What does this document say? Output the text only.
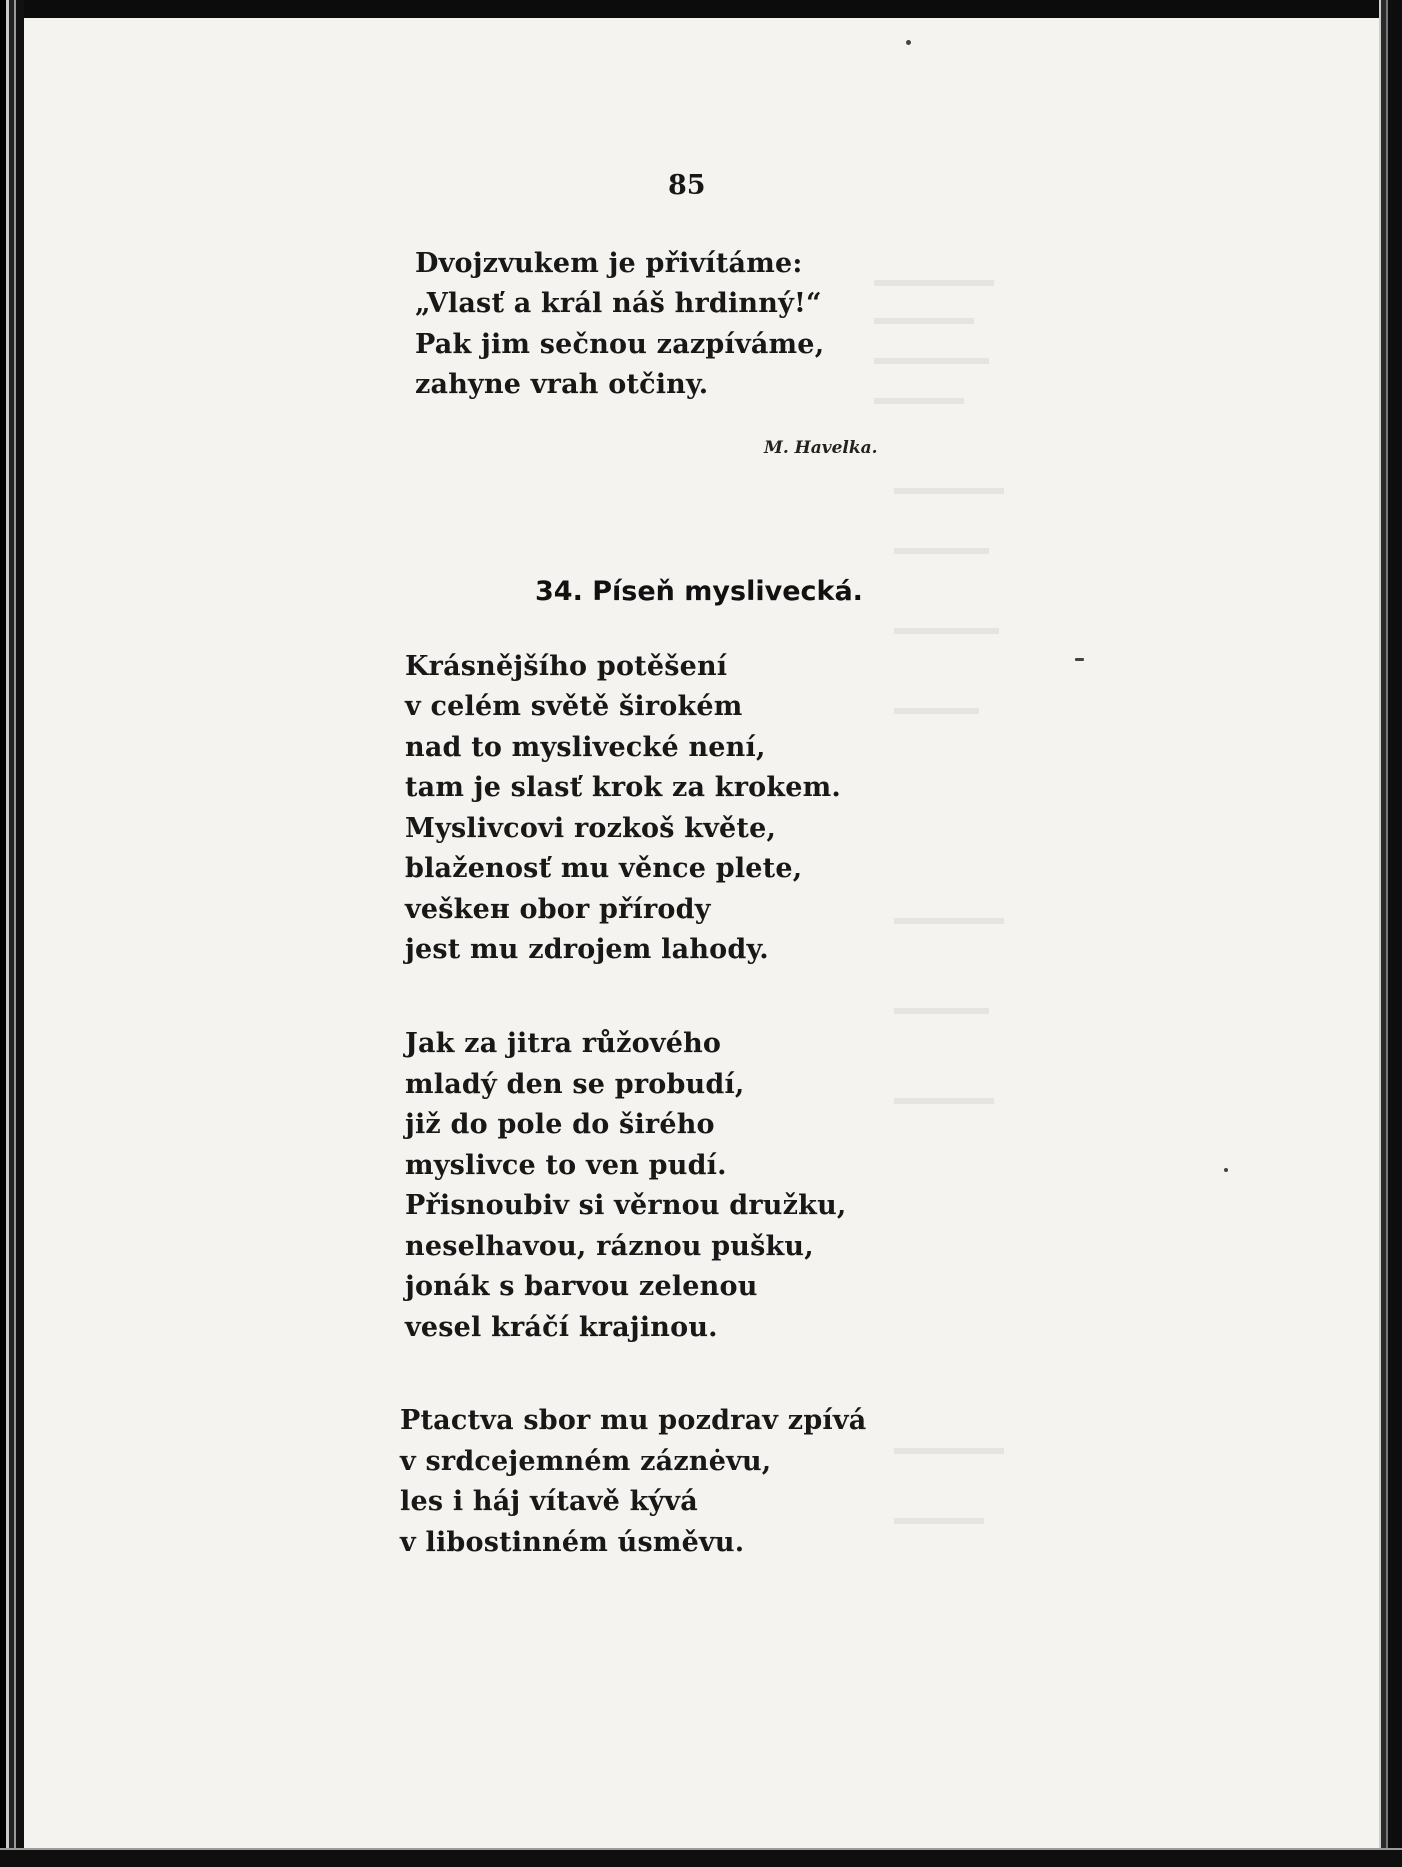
85
Dvojzvukem je přivítáme:
„Vlasť a král náš hrdinný!“
Pak jim sečnou zazpíváme,
zahyne vrah otčiny.
M. Havelka.
34. Píseň myslivecká.
Krásnějšího potěšení
v celém světě širokém
nad to myslivecké není,
tam je slasť krok za krokem.
Myslivcovi rozkoš květe,
blaženosť mu věnce plete,
veškeн obor přírody
jest mu zdrojem lahody.
Jak za jitra růžového
mladý den se probudí,
již do pole do širého
myslivce to ven pudí.
Přisnoubiv si věrnou družku,
neselhavou, ráznou pušku,
jonák s barvou zelenou
vesel kráčí krajinou.
Ptactva sbor mu pozdrav zpívá
v srdcejemném záznėvu,
les i háj vítavě kývá
v libostinném úsměvu.
